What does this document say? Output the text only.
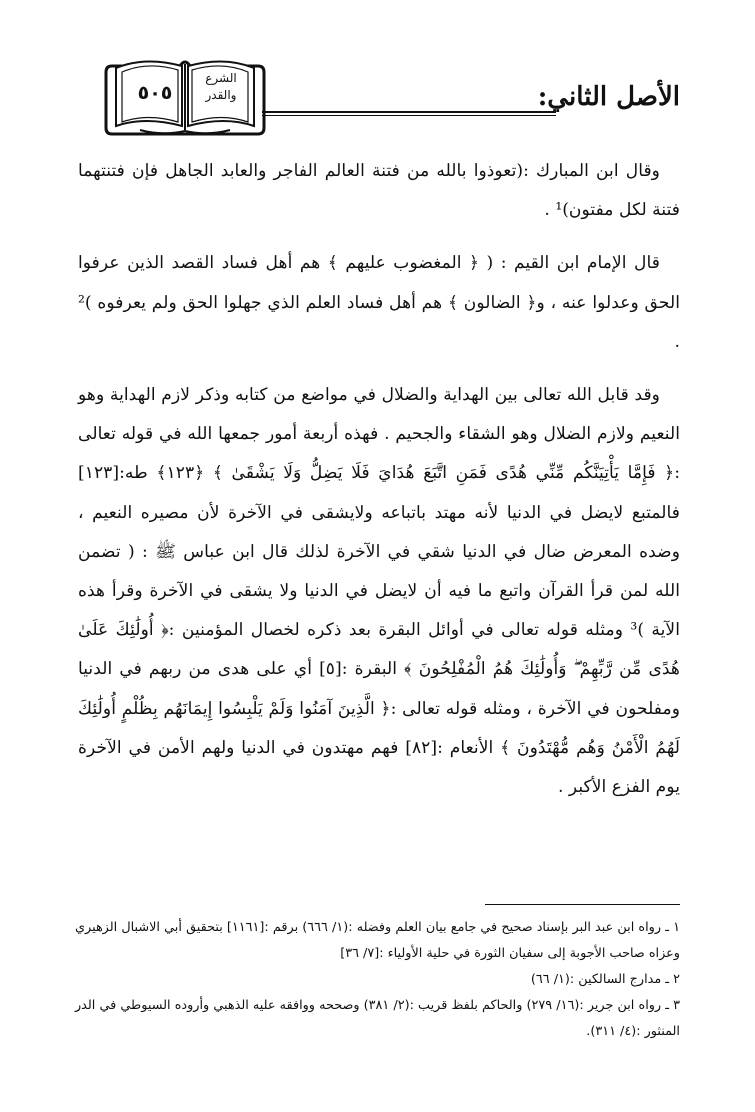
٥٠٥
الشرع
والقدر	الأصل الثاني:

وقال ابن المبارك :(تعوذوا بالله من فتنة العالم الفاجر والعابد الجاهل فإن فتنتهما فتنة لكل مفتون)¹ .

قال الإمام ابن القيم : ( ﴿ المغضوب عليهم ﴾ هم أهل فساد القصد الذين عرفوا الحق وعدلوا عنه ، و﴿ الضالون ﴾ هم أهل فساد العلم الذي جهلوا الحق ولم يعرفوه )² .

وقد قابل الله تعالى بين الهداية والضلال في مواضع من كتابه وذكر لازم الهداية وهو النعيم ولازم الضلال وهو الشقاء والجحيم . فهذه أربعة أمور جمعها الله في قوله تعالى :﴿ فَإِمَّا يَأْتِيَنَّكُم مِّنِّي هُدًى فَمَنِ اتَّبَعَ هُدَايَ فَلَا يَضِلُّ وَلَا يَشْقَىٰ ﴾ ﴿١٢٣﴾ طه:[١٢٣] فالمتبع لايضل في الدنيا لأنه مهتد باتباعه ولايشقى في الآخرة لأن مصيره النعيم ، وضده المعرض ضال في الدنيا شقي في الآخرة لذلك قال ابن عباس ﷺ : ( تضمن الله لمن قرأ القرآن واتبع ما فيه أن لايضل في الدنيا ولا يشقى في الآخرة وقرأ هذه الآية )³ ومثله قوله تعالى في أوائل البقرة بعد ذكره لخصال المؤمنين :﴿ أُولَٰئِكَ عَلَىٰ هُدًى مِّن رَّبِّهِمْ ۖ وَأُولَٰئِكَ هُمُ الْمُفْلِحُونَ ﴾ البقرة :[٥] أي على هدى من ربهم في الدنيا ومفلحون في الآخرة ، ومثله قوله تعالى :﴿ الَّذِينَ آمَنُوا وَلَمْ يَلْبِسُوا إِيمَانَهُم بِظُلْمٍ أُولَٰئِكَ لَهُمُ الْأَمْنُ وَهُم مُّهْتَدُونَ ﴾ الأنعام :[٨٢] فهم مهتدون في الدنيا ولهم الأمن في الآخرة يوم الفزع الأكبر .

١ ـ رواه ابن عبد البر بإسناد صحيح في جامع بيان العلم وفضله :(١/ ٦٦٦) برقم :[١١٦١] بتحقيق أبي الاشبال الزهيري وعزاه صاحب الأجوبة إلى سفيان الثورة في حلية الأولياء :[٧/ ٣٦]

٢ ـ مدارج السالكين :(١/ ٦٦)

٣ ـ رواه ابن جرير :(١٦/ ٢٧٩) والحاكم بلفظ قريب :(٢/ ٣٨١) وصححه ووافقه عليه الذهبي وأروده السيوطي في الدر المنثور :(٤/ ٣١١).
